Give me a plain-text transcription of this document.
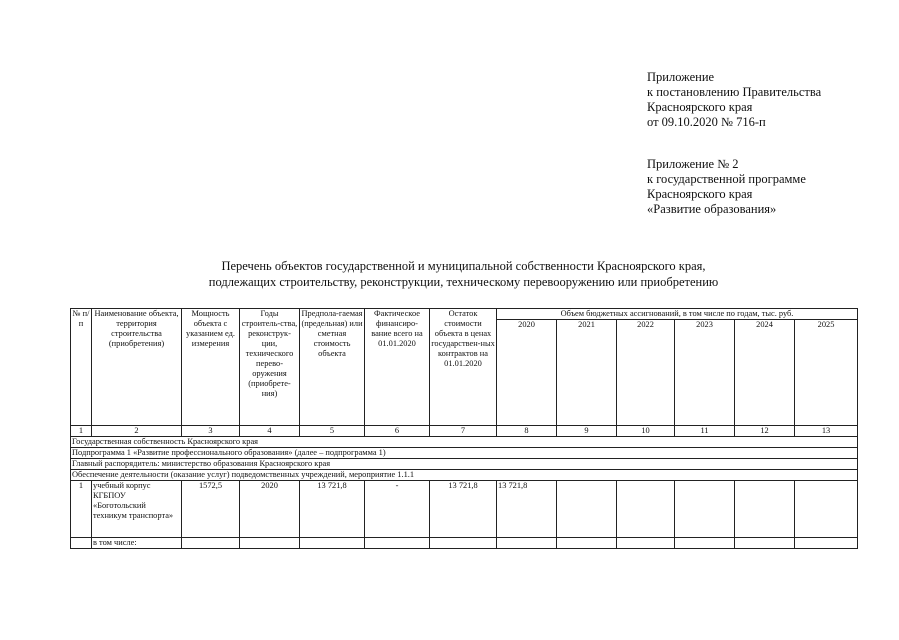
Приложение
к постановлению Правительства
Красноярского края
от 09.10.2020 № 716-п
Приложение № 2
к государственной программе
Красноярского края
«Развитие образования»
Перечень объектов государственной и муниципальной собственности Красноярского края,
подлежащих строительству, реконструкции, техническому перевооружению или приобретению
№ п/п	Наименование объекта, территория строительства (приобретения)	Мощность объекта с указанием ед. измерения	Годы строитель-ства, реконструк-ции, технического перево-оружения (приобрете-ния)	Предпола-гаемая (предельная) или сметная стоимость объекта	Фактическое финансиро-вание всего на 01.01.2020	Остаток стоимости объекта в ценах государствен-ных контрактов на 01.01.2020	Объем бюджетных ассигнований, в том числе по годам, тыс. руб.					
							2020	2021	2022	2023	2024	2025
1	2	3	4	5	6	7	8	9	10	11	12	13
Государственная собственность Красноярского края												
Подпрограмма 1 «Развитие профессионального образования» (далее – подпрограмма 1)												
Главный распорядитель: министерство образования Красноярского края												
Обеспечение деятельности (оказание услуг) подведомственных учреждений, мероприятие 1.1.1												
1	учебный корпус КГБПОУ «Боготольский техникум транспорта»	1572,5	2020	13 721,8	-	13 721,8	13 721,8					
	в том числе:											
